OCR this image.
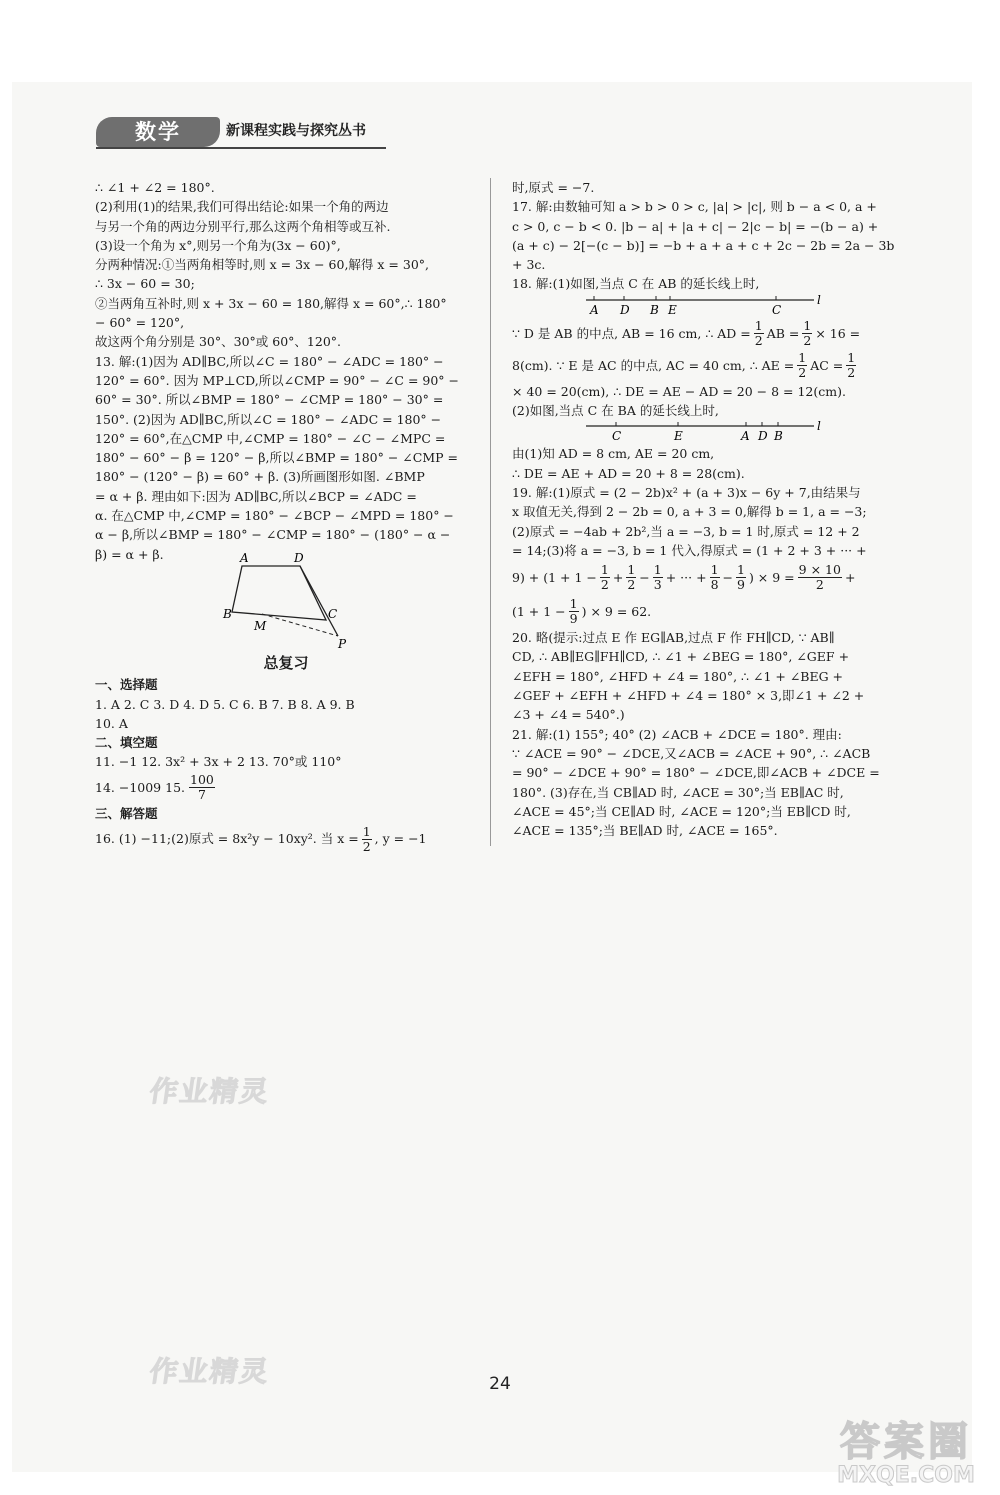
数学	新课程实践与探究丛书

∴ ∠1 + ∠2 = 180°.

(2)利用(1)的结果,我们可得出结论:如果一个角的两边

与另一个角的两边分别平行,那么这两个角相等或互补.

(3)设一个角为 x°,则另一个角为(3x − 60)°,

分两种情况:①当两角相等时,则 x = 3x − 60,解得 x = 30°,

∴ 3x − 60 = 30;

②当两角互补时,则 x + 3x − 60 = 180,解得 x = 60°,∴ 180°

− 60° = 120°,

故这两个角分别是 30°、30°或 60°、120°.

13. 解:(1)因为 AD∥BC,所以∠C = 180° − ∠ADC = 180° −

120° = 60°. 因为 MP⊥CD,所以∠CMP = 90° − ∠C = 90° −

60° = 30°. 所以∠BMP = 180° − ∠CMP = 180° − 30° =

150°. (2)因为 AD∥BC,所以∠C = 180° − ∠ADC = 180° −

120° = 60°,在△CMP 中,∠CMP = 180° − ∠C − ∠MPC =

180° − 60° − β = 120° − β,所以∠BMP = 180° − ∠CMP =

180° − (120° − β) = 60° + β. (3)所画图形如图. ∠BMP

= α + β. 理由如下:因为 AD∥BC,所以∠BCP = ∠ADC =

α. 在△CMP 中,∠CMP = 180° − ∠BCP − ∠MPD = 180° −

α − β,所以∠BMP = 180° − ∠CMP = 180° − (180° − α −

β) = α + β.	A	D
B	C
M
P

总复习

一、选择题

1. A 2. C 3. D 4. D 5. C 6. B 7. B 8. A 9. B

10. A

二、填空题

11. −1 12. 3x² + 3x + 2 13. 70°或 110°

14. −1009 15. $\frac{100}{7}$

三、解答题

16. (1) −11;(2)原式 = 8x²y − 10xy². 当 $x = \frac{1}{2}$ , y = −1

时,原式 = −7.

17. 解:由数轴可知 a > b > 0 > c, |a| > |c|, 则 b − a < 0, a +

c > 0, c − b < 0. |b − a| + |a + c| − 2|c − b| = −(b − a) +

(a + c) − 2[−(c − b)] = −b + a + a + c + 2c − 2b = 2a − 3b

+ 3c.

18. 解:(1)如图,当点 C 在 AB 的延长线上时,

A D B E	C
l

∵ D 是 AB 的中点, AB = 16 cm, ∴ AD = $\frac{1}{2}$ AB = $\frac{1}{2} \times 16$ =

8(cm). ∵ E 是 AC 的中点, AC = 40 cm, ∴ AE = $\frac{1}{2}$ AC = $\frac{1}{2}$

× 40 = 20(cm), ∴ DE = AE − AD = 20 − 8 = 12(cm).

(2)如图,当点 C 在 BA 的延长线上时,

C	E	A D B
l

由(1)知 AD = 8 cm, AE = 20 cm,

∴ DE = AE + AD = 20 + 8 = 28(cm).

19. 解:(1)原式 = (2 − 2b)x² + (a + 3)x − 6y + 7,由结果与

x 取值无关,得到 2 − 2b = 0, a + 3 = 0,解得 b = 1, a = −3;

(2)原式 = −4ab + 2b²,当 a = −3, b = 1 时,原式 = 12 + 2

= 14;(3)将 a = −3, b = 1 代入,得原式 = (1 + 2 + 3 + ··· +

$9) + (1 + 1 - \frac{1}{2} + \frac{1}{2} - \frac{1}{3}$ + ··· + $\frac{1}{8} - \frac{1}{9}$ ) × $9 = \frac{9 \times 10}{2}$ +

($1 + 1 - \frac{1}{9}$ ) × 9 = 62.

20. 略(提示:过点 E 作 EG∥AB,过点 F 作 FH∥CD, ∵ AB∥

CD, ∴ AB∥EG∥FH∥CD, ∴ ∠1 + ∠BEG = 180°, ∠GEF +

∠EFH = 180°, ∠HFD + ∠4 = 180°, ∴ ∠1 + ∠BEG +

∠GEF + ∠EFH + ∠HFD + ∠4 = 180° × 3,即∠1 + ∠2 +

∠3 + ∠4 = 540°.)

21. 解:(1) 155°; 40° (2) ∠ACB + ∠DCE = 180°. 理由:

∵ ∠ACE = 90° − ∠DCE,又∠ACB = ∠ACE + 90°, ∴ ∠ACB

= 90° − ∠DCE + 90° = 180° − ∠DCE,即∠ACB + ∠DCE =

180°. (3)存在,当 CB∥AD 时, ∠ACE = 30°;当 EB∥AC 时,

∠ACE = 45°;当 CE∥AD 时, ∠ACE = 120°;当 EB∥CD 时,

∠ACE = 135°;当 BE∥AD 时, ∠ACE = 165°.

作业精灵
作业精灵	24
答案圈
MXQE.COM
